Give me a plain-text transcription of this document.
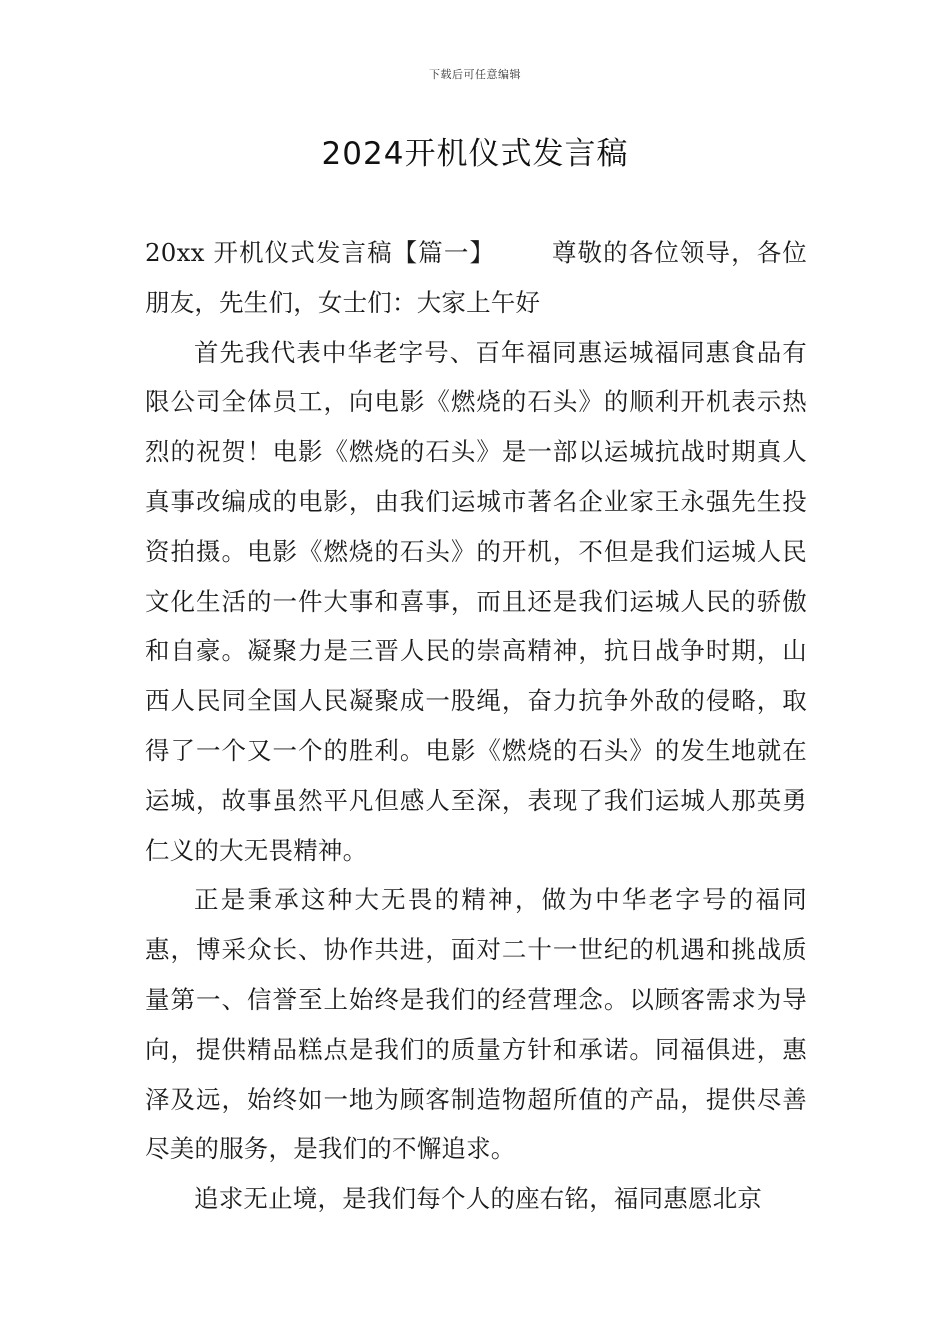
下载后可任意编辑
2024开机仪式发言稿

20xx 开机仪式发言稿【篇一】 尊敬的各位领导，各位朋友，先生们，女士们：大家上午好

首先我代表中华老字号、百年福同惠运城福同惠食品有限公司全体员工，向电影《燃烧的石头》的顺利开机表示热烈的祝贺！电影《燃烧的石头》是一部以运城抗战时期真人真事改编成的电影，由我们运城市著名企业家王永强先生投资拍摄。电影《燃烧的石头》的开机，不但是我们运城人民文化生活的一件大事和喜事，而且还是我们运城人民的骄傲和自豪。凝聚力是三晋人民的崇高精神，抗日战争时期，山西人民同全国人民凝聚成一股绳，奋力抗争外敌的侵略，取得了一个又一个的胜利。电影《燃烧的石头》的发生地就在运城，故事虽然平凡但感人至深，表现了我们运城人那英勇仁义的大无畏精神。

正是秉承这种大无畏的精神，做为中华老字号的福同惠，博采众长、协作共进，面对二十一世纪的机遇和挑战质量第一、信誉至上始终是我们的经营理念。以顾客需求为导向，提供精品糕点是我们的质量方针和承诺。同福俱进，惠泽及远，始终如一地为顾客制造物超所值的产品，提供尽善尽美的服务，是我们的不懈追求。

追求无止境，是我们每个人的座右铭，福同惠愿北京
